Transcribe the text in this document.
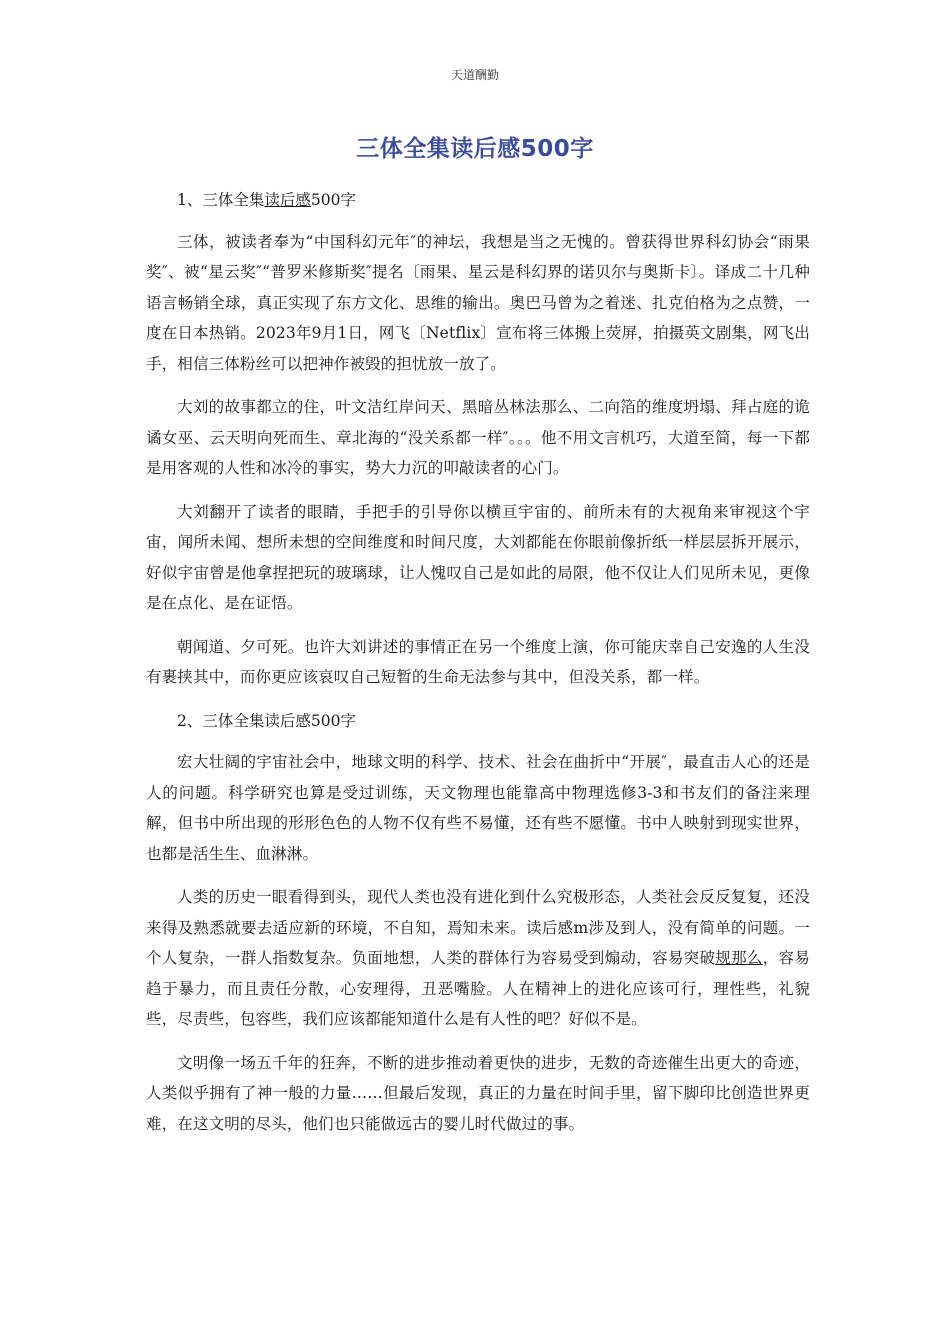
天道酬勤
三体全集读后感500字

1、三体全集读后感500字

三体，被读者奉为“中国科幻元年″的神坛，我想是当之无愧的。曾获得世界科幻协会“雨果奖″、被“星云奖″“普罗米修斯奖″提名〔雨果、星云是科幻界的诺贝尔与奥斯卡〕。译成二十几种语言畅销全球，真正实现了东方文化、思维的输出。奥巴马曾为之着迷、扎克伯格为之点赞，一度在日本热销。2023年9月1日，网飞〔Netflix〕宣布将三体搬上荧屏，拍摄英文剧集，网飞出手，相信三体粉丝可以把神作被毁的担忧放一放了。

大刘的故事都立的住，叶文洁红岸问天、黑暗丛林法那么、二向箔的维度坍塌、拜占庭的诡谲女巫、云天明向死而生、章北海的“没关系都一样″。。。他不用文言机巧，大道至简，每一下都是用客观的人性和冰冷的事实，势大力沉的叩敲读者的心门。

大刘翻开了读者的眼睛，手把手的引导你以横亘宇宙的、前所未有的大视角来审视这个宇宙，闻所未闻、想所未想的空间维度和时间尺度，大刘都能在你眼前像折纸一样层层拆开展示，好似宇宙曾是他拿捏把玩的玻璃球，让人愧叹自己是如此的局限，他不仅让人们见所未见，更像是在点化、是在证悟。

朝闻道、夕可死。也许大刘讲述的事情正在另一个维度上演，你可能庆幸自己安逸的人生没有裹挟其中，而你更应该哀叹自己短暂的生命无法参与其中，但没关系，都一样。

2、三体全集读后感500字

宏大壮阔的宇宙社会中，地球文明的科学、技术、社会在曲折中“开展″，最直击人心的还是人的问题。科学研究也算是受过训练，天文物理也能靠高中物理选修3-3和书友们的备注来理解，但书中所出现的形形色色的人物不仅有些不易懂，还有些不愿懂。书中人映射到现实世界，也都是活生生、血淋淋。

人类的历史一眼看得到头，现代人类也没有进化到什么究极形态，人类社会反反复复，还没来得及熟悉就要去适应新的环境，不自知，焉知未来。读后感m涉及到人，没有简单的问题。一个人复杂，一群人指数复杂。负面地想，人类的群体行为容易受到煽动，容易突破规那么，容易趋于暴力，而且责任分散，心安理得，丑恶嘴脸。人在精神上的进化应该可行，理性些，礼貌些，尽责些，包容些，我们应该都能知道什么是有人性的吧？好似不是。

文明像一场五千年的狂奔，不断的进步推动着更快的进步，无数的奇迹催生出更大的奇迹，人类似乎拥有了神一般的力量……但最后发现，真正的力量在时间手里，留下脚印比创造世界更难，在这文明的尽头，他们也只能做远古的婴儿时代做过的事。
